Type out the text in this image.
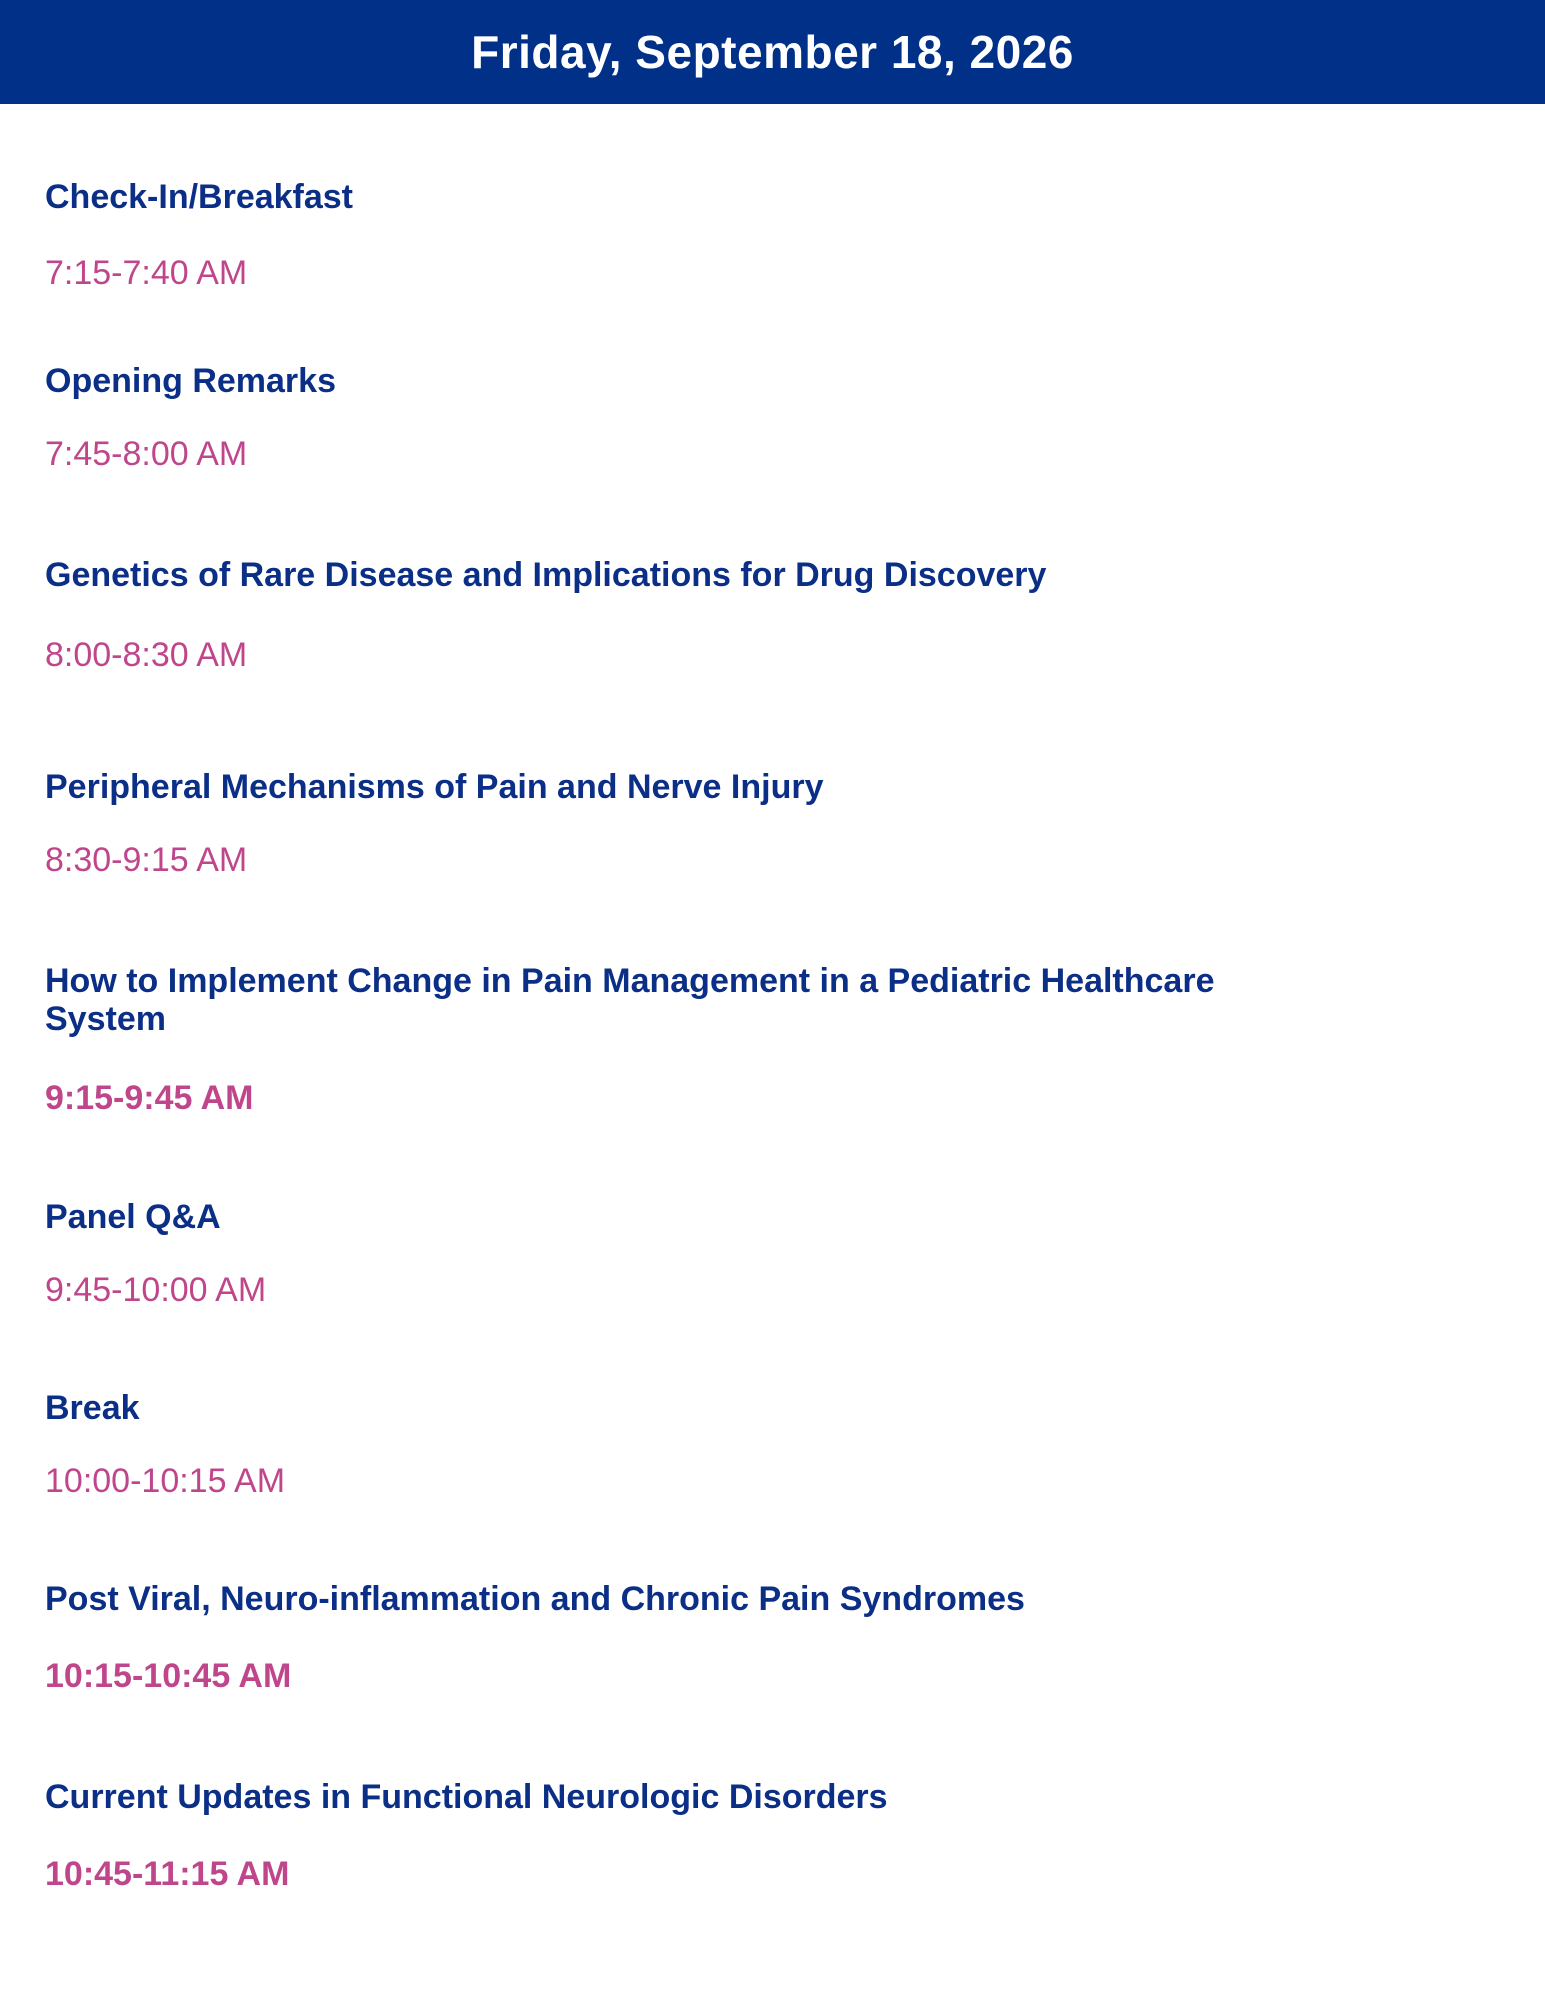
Friday, September 18, 2026
Check-In/Breakfast
7:15-7:40 AM
Opening Remarks
7:45-8:00 AM
Genetics of Rare Disease and Implications for Drug Discovery
8:00-8:30 AM
Peripheral Mechanisms of Pain and Nerve Injury
8:30-9:15 AM
How to Implement Change in Pain Management in a Pediatric Healthcare
System
9:15-9:45 AM
Panel Q&A
9:45-10:00 AM
Break
10:00-10:15 AM
Post Viral, Neuro-inflammation and Chronic Pain Syndromes
10:15-10:45 AM
Current Updates in Functional Neurologic Disorders
10:45-11:15 AM
